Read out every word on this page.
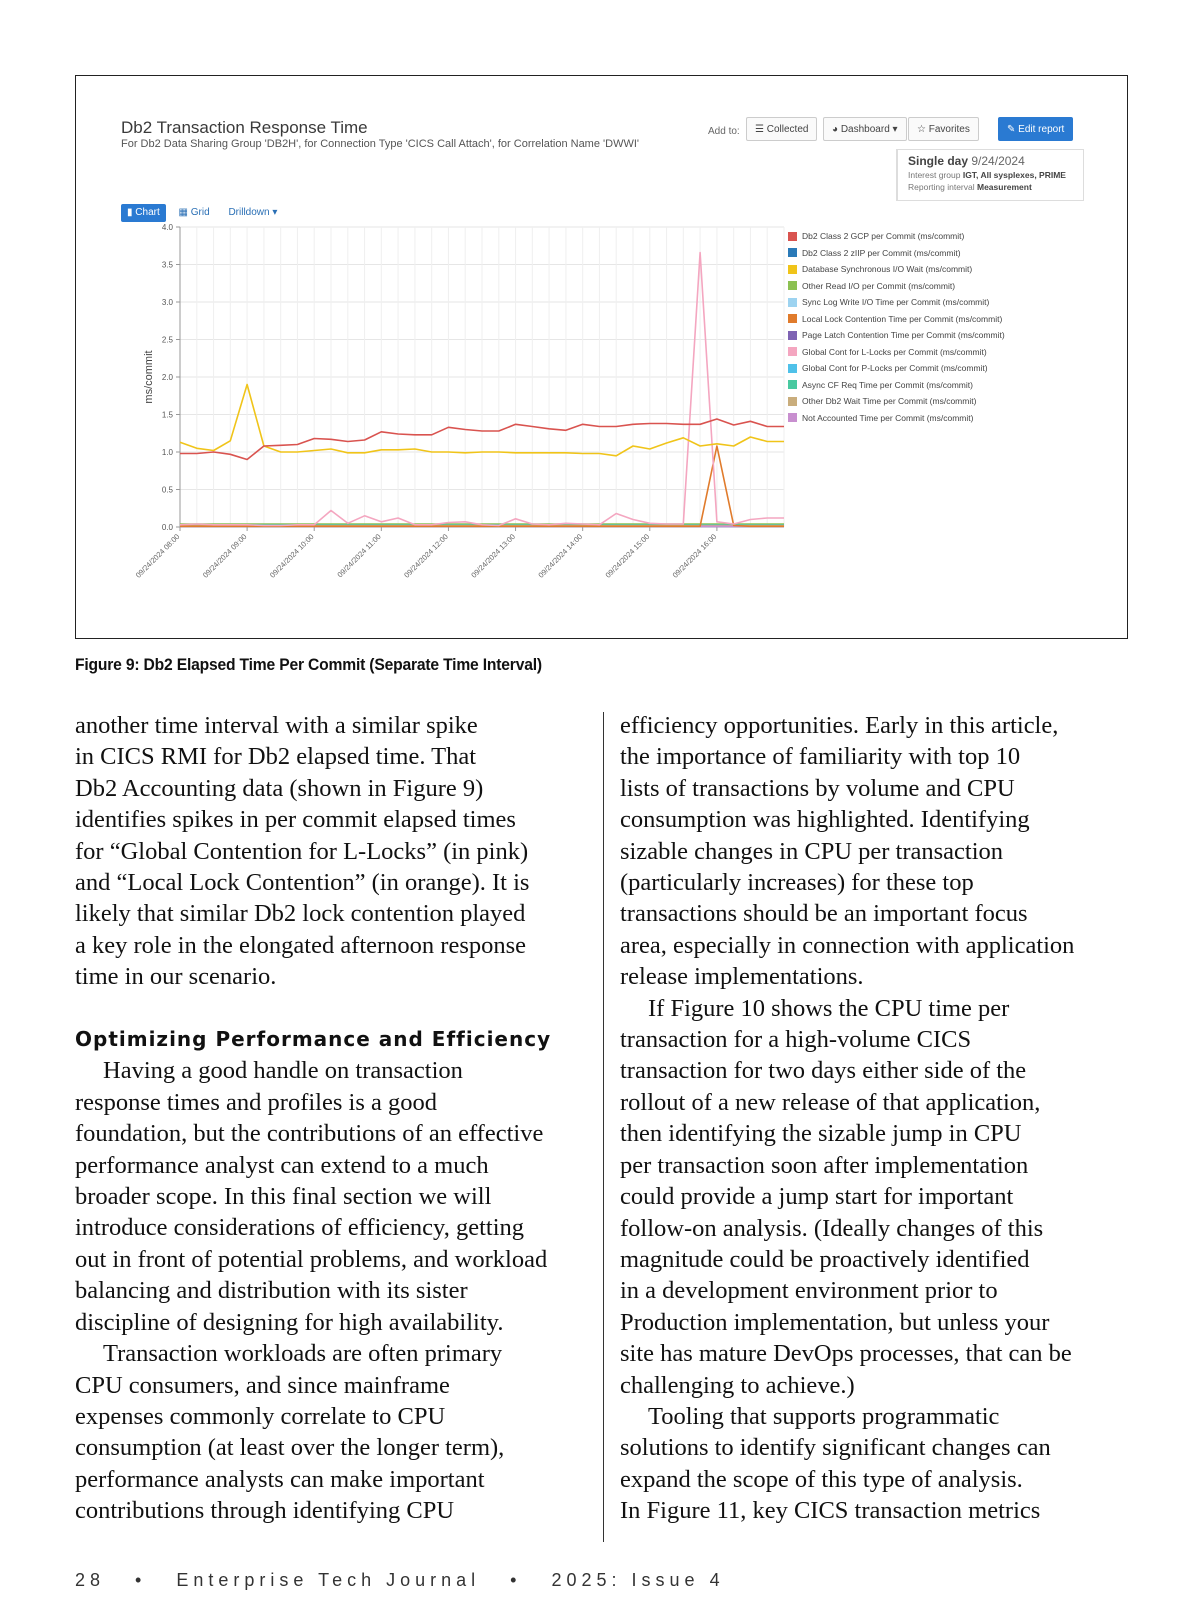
Db2 Transaction Response Time
For Db2 Data Sharing Group 'DB2H', for Connection Type 'CICS Call Attach', for Correlation Name 'DWWI'
Add to:	☰ Collected	◕ Dashboard ▾	☆ Favorites	✎ Edit report
Single day 9/24/2024
Interest group IGT, All sysplexes, PRIME
Reporting interval Measurement
▮ Chart ▦ Grid Drilldown ▾
0.0
0.5
1.0
1.5
2.0
2.5
3.0
3.5
4.0
09/24/2024 08:00	09/24/2024 09:00	09/24/2024 10:00	09/24/2024 11:00	09/24/2024 12:00	09/24/2024 13:00	09/24/2024 14:00	09/24/2024 15:00	09/24/2024 16:00
ms/commit
Db2 Class 2 GCP per Commit (ms/commit)
Db2 Class 2 zIIP per Commit (ms/commit)
Database Synchronous I/O Wait (ms/commit)
Other Read I/O per Commit (ms/commit)
Sync Log Write I/O Time per Commit (ms/commit)
Local Lock Contention Time per Commit (ms/commit)
Page Latch Contention Time per Commit (ms/commit)
Global Cont for L-Locks per Commit (ms/commit)
Global Cont for P-Locks per Commit (ms/commit)
Async CF Req Time per Commit (ms/commit)
Other Db2 Wait Time per Commit (ms/commit)
Not Accounted Time per Commit (ms/commit)
Figure 9: Db2 Elapsed Time Per Commit (Separate Time Interval)

another time interval with a similar spike
in CICS RMI for Db2 elapsed time. That
Db2 Accounting data (shown in Figure 9)
identifies spikes in per commit elapsed times
for “Global Contention for L-Locks” (in pink)
and “Local Lock Contention” (in orange). It is
likely that similar Db2 lock contention played
a key role in the elongated afternoon response
time in our scenario.

Optimizing Performance and Efficiency

Having a good handle on transaction
response times and profiles is a good
foundation, but the contributions of an effective
performance analyst can extend to a much
broader scope. In this final section we will
introduce considerations of efficiency, getting
out in front of potential problems, and workload
balancing and distribution with its sister
discipline of designing for high availability.

Transaction workloads are often primary
CPU consumers, and since mainframe
expenses commonly correlate to CPU
consumption (at least over the longer term),
performance analysts can make important
contributions through identifying CPU

efficiency opportunities. Early in this article,
the importance of familiarity with top 10
lists of transactions by volume and CPU
consumption was highlighted. Identifying
sizable changes in CPU per transaction
(particularly increases) for these top
transactions should be an important focus
area, especially in connection with application
release implementations.

If Figure 10 shows the CPU time per
transaction for a high-volume CICS
transaction for two days either side of the
rollout of a new release of that application,
then identifying the sizable jump in CPU
per transaction soon after implementation
could provide a jump start for important
follow-on analysis. (Ideally changes of this
magnitude could be proactively identified
in a development environment prior to
Production implementation, but unless your
site has mature DevOps processes, that can be
challenging to achieve.)

Tooling that supports programmatic
solutions to identify significant changes can
expand the scope of this type of analysis.
In Figure 11, key CICS transaction metrics

28 • Enterprise Tech Journal • 2025: Issue 4
